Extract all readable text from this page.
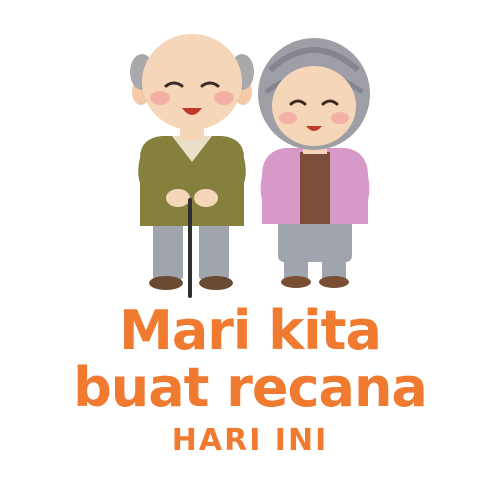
Mari kita
buat recana
HARI INI
